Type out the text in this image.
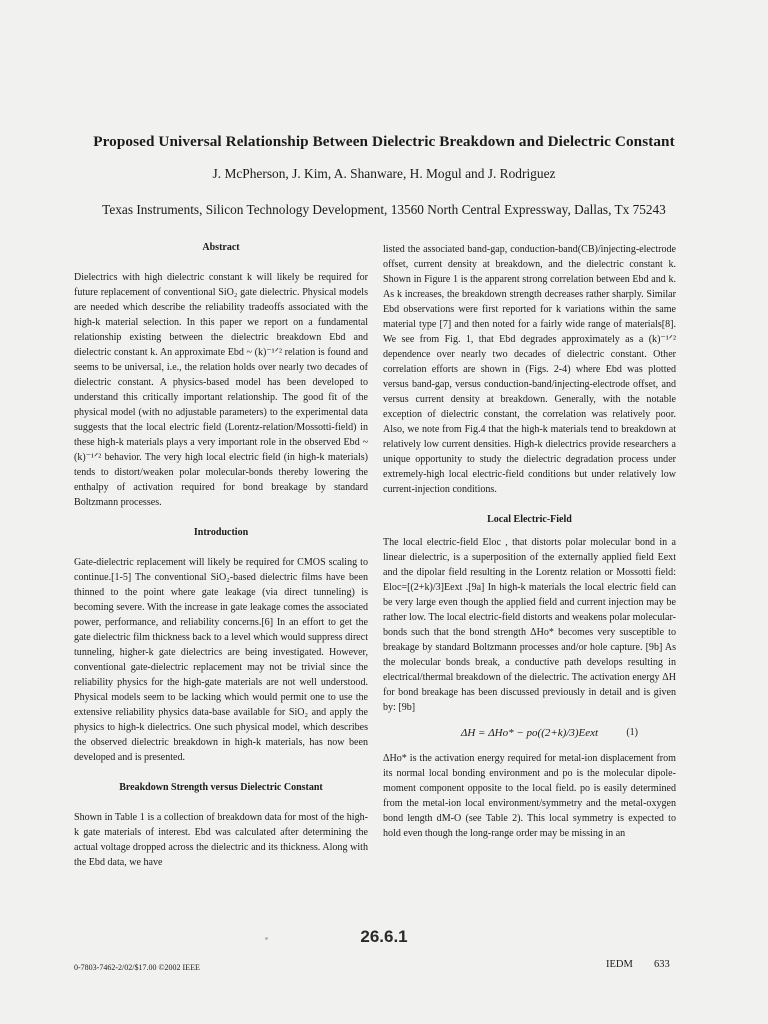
Proposed Universal Relationship Between Dielectric Breakdown and Dielectric Constant
J. McPherson, J. Kim, A. Shanware, H. Mogul and J. Rodriguez
Texas Instruments, Silicon Technology Development, 13560 North Central Expressway, Dallas, Tx 75243
Abstract
Dielectrics with high dielectric constant k will likely be required for future replacement of conventional SiO₂ gate dielectric. Physical models are needed which describe the reliability tradeoffs associated with the high-k material selection. In this paper we report on a fundamental relationship existing between the dielectric breakdown Ebd and dielectric constant k. An approximate Ebd ~ (k)⁻¹ᐟ² relation is found and seems to be universal, i.e., the relation holds over nearly two decades of dielectric constant. A physics-based model has been developed to understand this critically important relationship. The good fit of the physical model (with no adjustable parameters) to the experimental data suggests that the local electric field (Lorentz-relation/Mossotti-field) in these high-k materials plays a very important role in the observed Ebd ~ (k)⁻¹ᐟ² behavior. The very high local electric field (in high-k materials) tends to distort/weaken polar molecular-bonds thereby lowering the enthalpy of activation required for bond breakage by standard Boltzmann processes.
Introduction
Gate-dielectric replacement will likely be required for CMOS scaling to continue.[1-5] The conventional SiO₂-based dielectric films have been thinned to the point where gate leakage (via direct tunneling) is becoming severe. With the increase in gate leakage comes the associated power, performance, and reliability concerns.[6] In an effort to get the gate dielectric film thickness back to a level which would suppress direct tunneling, higher-k gate dielectrics are being investigated. However, conventional gate-dielectric replacement may not be trivial since the reliability physics for the high-gate materials are not well understood. Physical models seem to be lacking which would permit one to use the extensive reliability physics data-base available for SiO₂ and apply the physics to high-k dielectrics. One such physical model, which describes the observed dielectric breakdown in high-k materials, has now been developed and is presented.
Breakdown Strength versus Dielectric Constant
Shown in Table 1 is a collection of breakdown data for most of the high-k gate materials of interest. Ebd was calculated after determining the actual voltage dropped across the dielectric and its thickness. Along with the Ebd data, we have
listed the associated band-gap, conduction-band(CB)/injecting-electrode offset, current density at breakdown, and the dielectric constant k. Shown in Figure 1 is the apparent strong correlation between Ebd and k. As k increases, the breakdown strength decreases rather sharply. Similar Ebd observations were first reported for k variations within the same material type [7] and then noted for a fairly wide range of materials[8]. We see from Fig. 1, that Ebd degrades approximately as a (k)⁻¹ᐟ² dependence over nearly two decades of dielectric constant. Other correlation efforts are shown in (Figs. 2-4) where Ebd was plotted versus band-gap, versus conduction-band/injecting-electrode offset, and versus current density at breakdown. Generally, with the notable exception of dielectric constant, the correlation was relatively poor. Also, we note from Fig.4 that the high-k materials tend to breakdown at relatively low current densities. High-k dielectrics provide researchers a unique opportunity to study the dielectric degradation process under extremely-high local electric-field conditions but under relatively low current-injection conditions.
Local Electric-Field
The local electric-field Eloc , that distorts polar molecular bond in a linear dielectric, is a superposition of the externally applied field Eext and the dipolar field resulting in the Lorentz relation or Mossotti field: Eloc=[(2+k)/3]Eext .[9a] In high-k materials the local electric field can be very large even though the applied field and current injection may be rather low. The local electric-field distorts and weakens polar molecular-bonds such that the bond strength ΔHo* becomes very susceptible to breakage by standard Boltzmann processes and/or hole capture. [9b] As the molecular bonds break, a conductive path develops resulting in electrical/thermal breakdown of the dielectric. The activation energy ΔH for bond breakage has been discussed previously in detail and is given by: [9b]
ΔH = ΔHo* − po((2+k)/3)Eext	(1)
ΔHo* is the activation energy required for metal-ion displacement from its normal local bonding environment and po is the molecular dipole-moment component opposite to the local field. po is easily determined from the metal-ion local environment/symmetry and the metal-oxygen bond length dM-O (see Table 2). This local symmetry is expected to hold even though the long-range order may be missing in an
26.6.1
0-7803-7462-2/02/$17.00 ©2002 IEEE	IEDM 633
